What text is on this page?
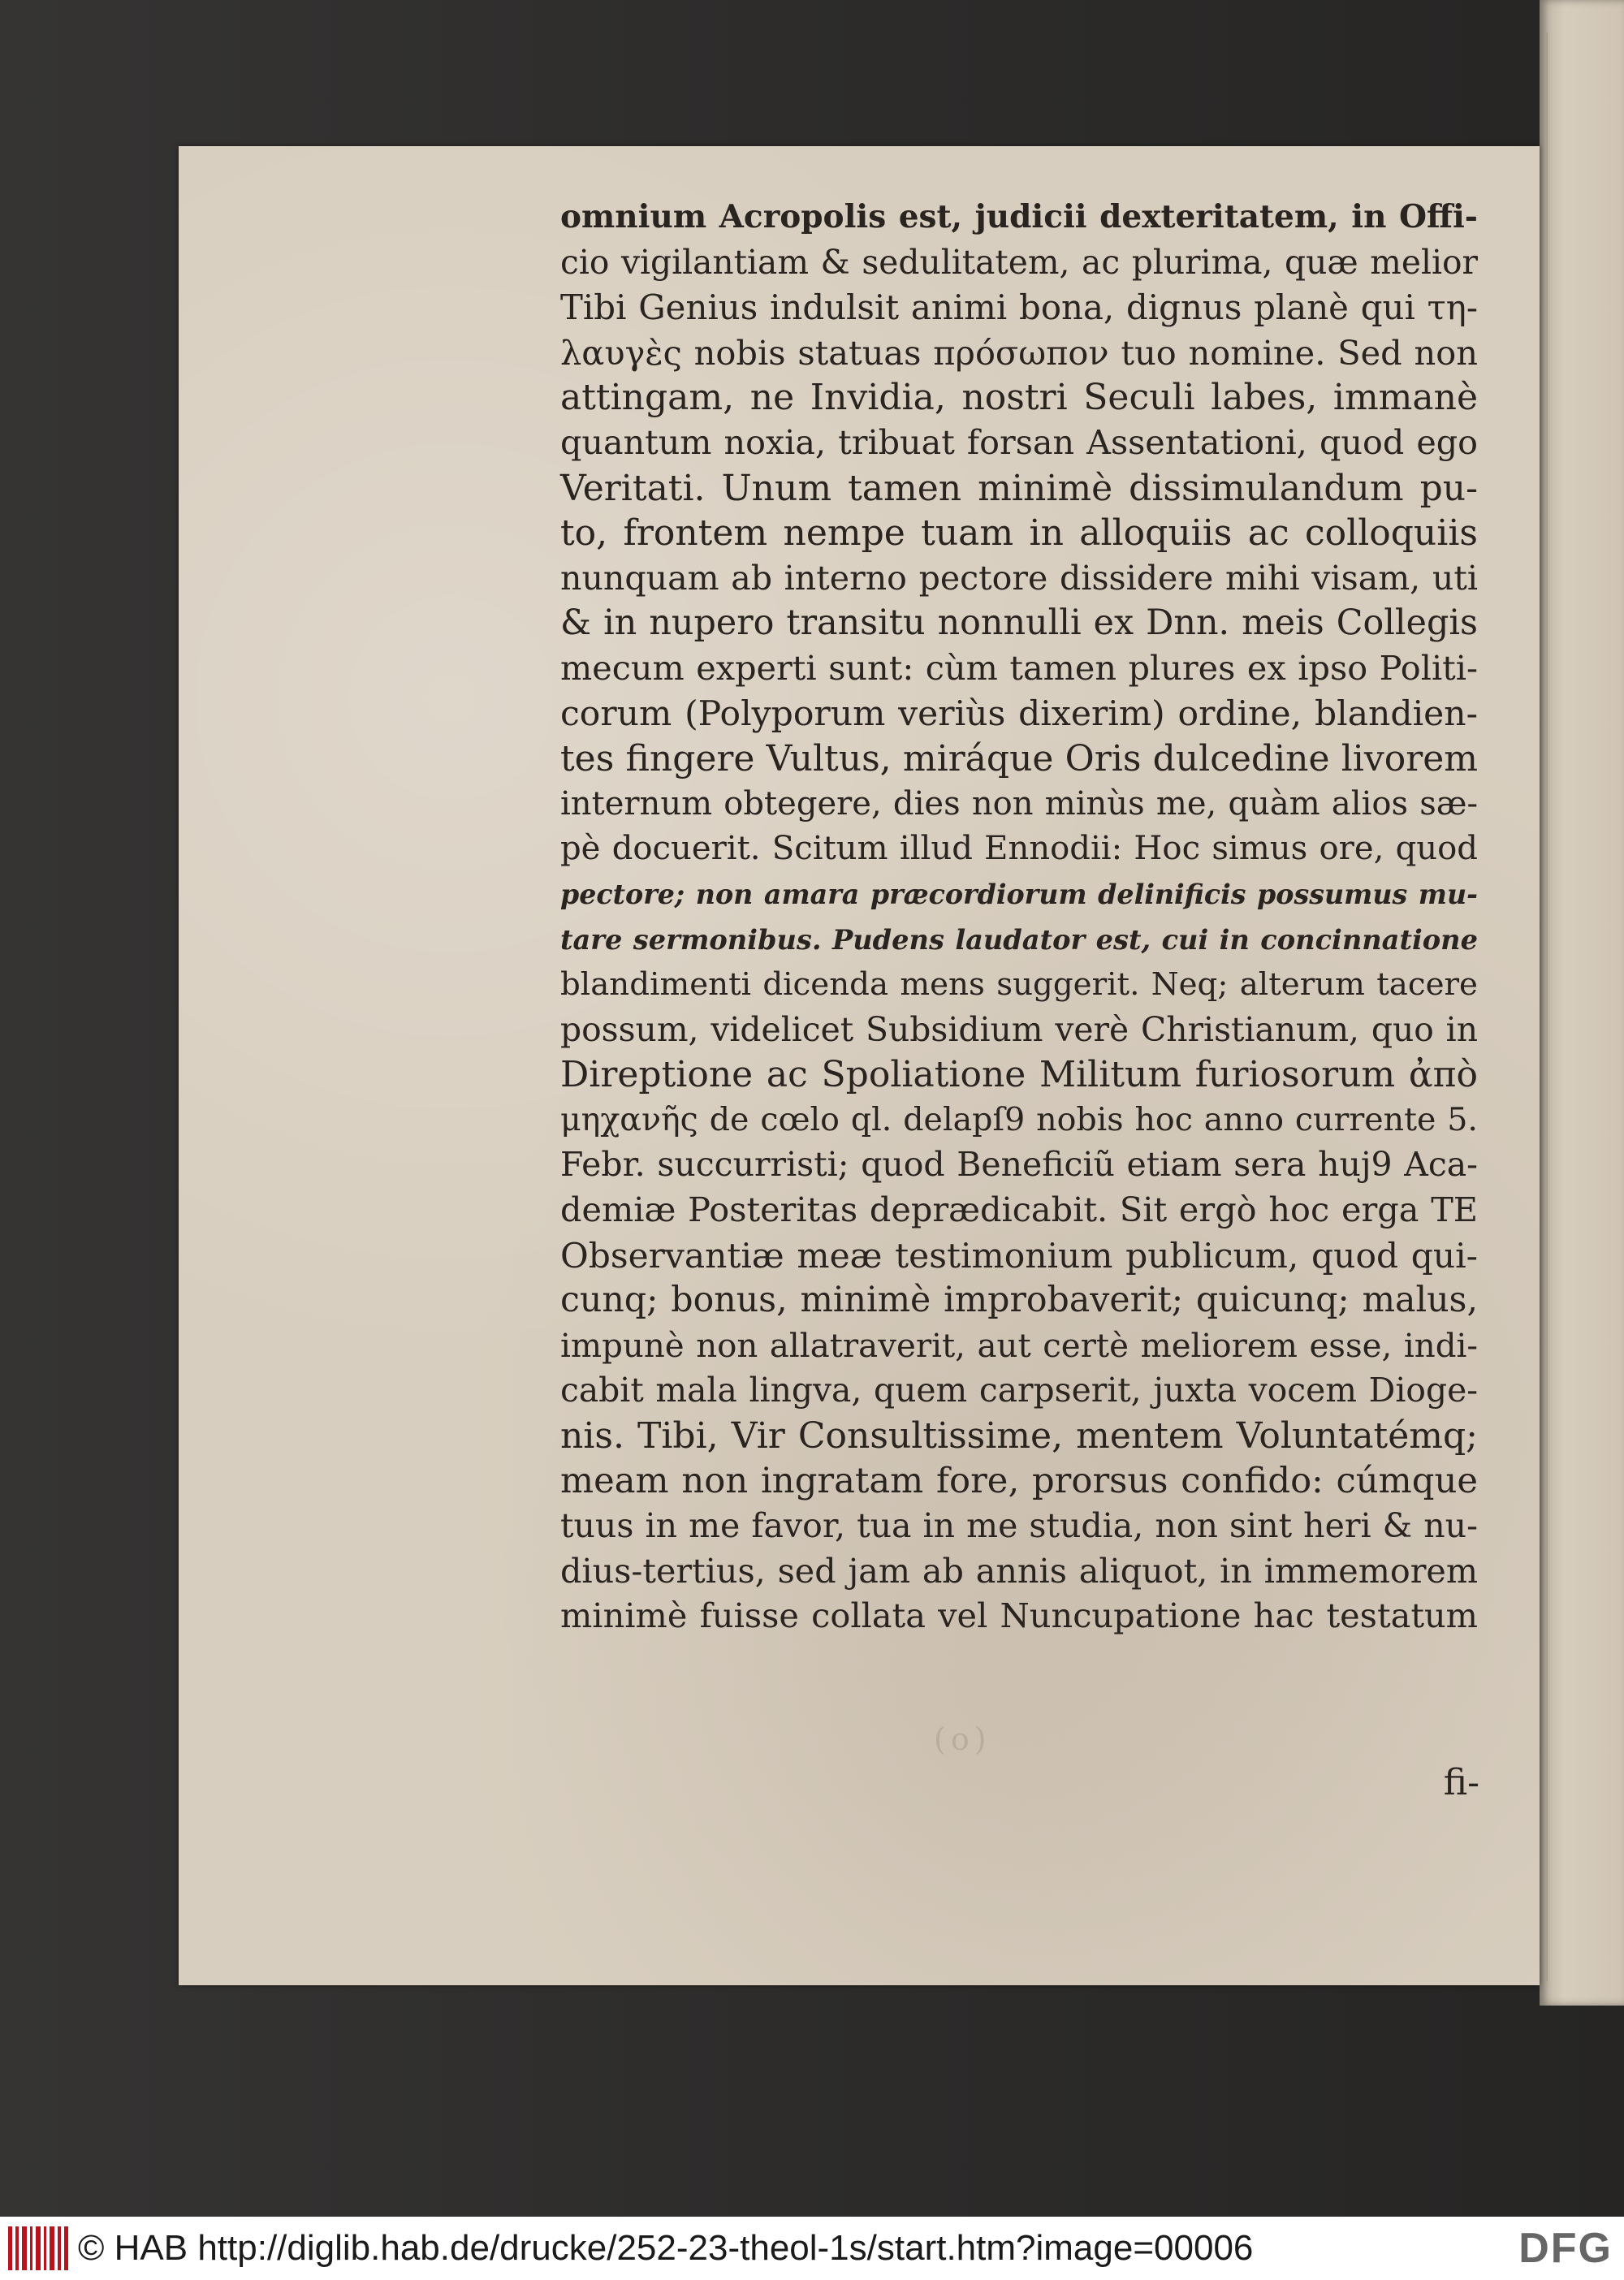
omnium Acropolis est, judicii dexteritatem, in Offi-
cio vigilantiam & sedulitatem, ac plurima, quæ melior
Tibi Genius indulsit animi bona, dignus planè qui τη-
λαυγὲς nobis statuas πρόσωπον tuo nomine. Sed non
attingam, ne Invidia, nostri Seculi labes, immanè
quantum noxia, tribuat forsan Assentationi, quod ego
Veritati. Unum tamen minimè dissimulandum pu-
to, frontem nempe tuam in alloquiis ac colloquiis
nunquam ab interno pectore dissidere mihi visam, uti
& in nupero transitu nonnulli ex Dnn. meis Collegis
mecum experti sunt: cùm tamen plures ex ipso Politi-
corum (Polyporum veriùs dixerim) ordine, blandien-
tes fingere Vultus, miráque Oris dulcedine livorem
internum obtegere, dies non minùs me, quàm alios sæ-
pè docuerit. Scitum illud Ennodii: Hoc simus ore, quod
pectore; non amara præcordiorum delinificis possumus mu-
tare sermonibus. Pudens laudator est, cui in concinnatione
blandimenti dicenda mens suggerit. Neq; alterum tacere
possum, videlicet Subsidium verè Christianum, quo in
Direptione ac Spoliatione Militum furiosorum ἀπὸ
μηχανῆς de cœlo ql. delapſ9 nobis hoc anno currente 5.
Febr. succurristi; quod Beneficiũ etiam sera huj9 Aca-
demiæ Posteritas deprædicabit. Sit ergò hoc erga TE
Observantiæ meæ testimonium publicum, quod qui-
cunq; bonus, minimè improbaverit; quicunq; malus,
impunè non allatraverit, aut certè meliorem esse, indi-
cabit mala lingva, quem carpserit, juxta vocem Dioge-
nis. Tibi, Vir Consultissime, mentem Voluntatémq;
meam non ingratam fore, prorsus confido: cúmque
tuus in me favor, tua in me studia, non sint heri & nu-
dius-tertius, sed jam ab annis aliquot, in immemorem
minimè fuisse collata vel Nuncupatione hac testatum
(o)
fi-
© HAB http://diglib.hab.de/drucke/252-23-theol-1s/start.htm?image=00006	DFG
